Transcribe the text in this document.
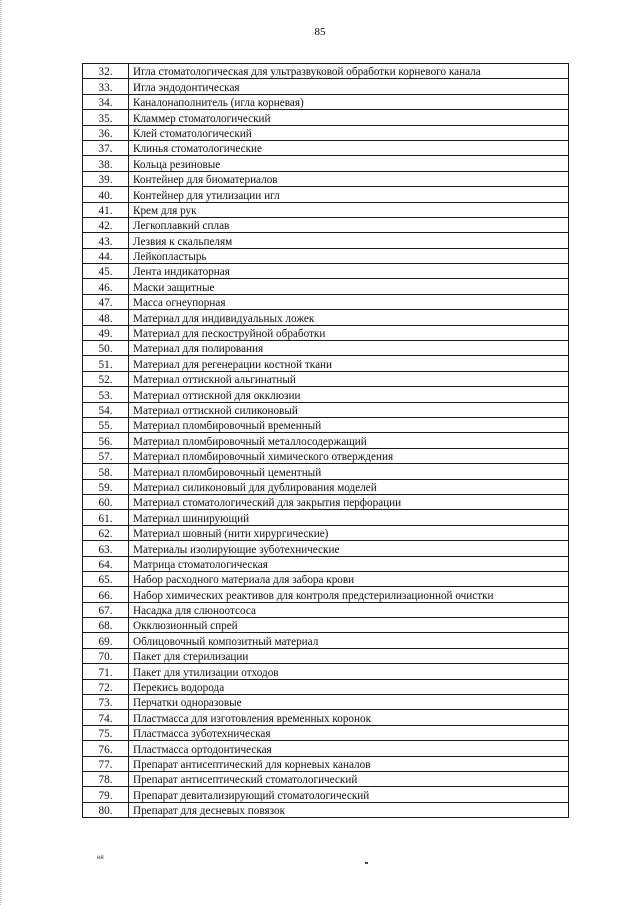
85
32.	Игла стоматологическая для ультразвуковой обработки корневого канала
33.	Игла эндодонтическая
34.	Каналонаполнитель (игла корневая)
35.	Кламмер стоматологический
36.	Клей стоматологический
37.	Клинья стоматологические
38.	Кольца резиновые
39.	Контейнер для биоматериалов
40.	Контейнер для утилизации игл
41.	Крем для рук
42.	Легкоплавкий сплав
43.	Лезвия к скальпелям
44.	Лейкопластырь
45.	Лента индикаторная
46.	Маски защитные
47.	Масса огнеупорная
48.	Материал для индивидуальных ложек
49.	Материал для пескоструйной обработки
50.	Материал для полирования
51.	Материал для регенерации костной ткани
52.	Материал оттискной альгинатный
53.	Материал оттискной для окклюзии
54.	Материал оттискной силиконовый
55.	Материал пломбировочный временный
56.	Материал пломбировочный металлосодержащий
57.	Материал пломбировочный химического отверждения
58.	Материал пломбировочный цементный
59.	Материал силиконовый для дублирования моделей
60.	Материал стоматологический для закрытия перфорации
61.	Материал шинирующий
62.	Материал шовный (нити хирургические)
63.	Материалы изолирующие зуботехнические
64.	Матрица стоматологическая
65.	Набор расходного материала для забора крови
66.	Набор химических реактивов для контроля предстерилизационной очистки
67.	Насадка для слюноотсоса
68.	Окклюзионный спрей
69.	Облицовочный композитный материал
70.	Пакет для стерилизации
71.	Пакет для утилизации отходов
72.	Перекись водорода
73.	Перчатки одноразовые
74.	Пластмасса для изготовления временных коронок
75.	Пластмасса зуботехническая
76.	Пластмасса ортодонтическая
77.	Препарат антисептический для корневых каналов
78.	Препарат антисептический стоматологический
79.	Препарат девитализирующий стоматологический
80.	Препарат для десневых повязок
ня
